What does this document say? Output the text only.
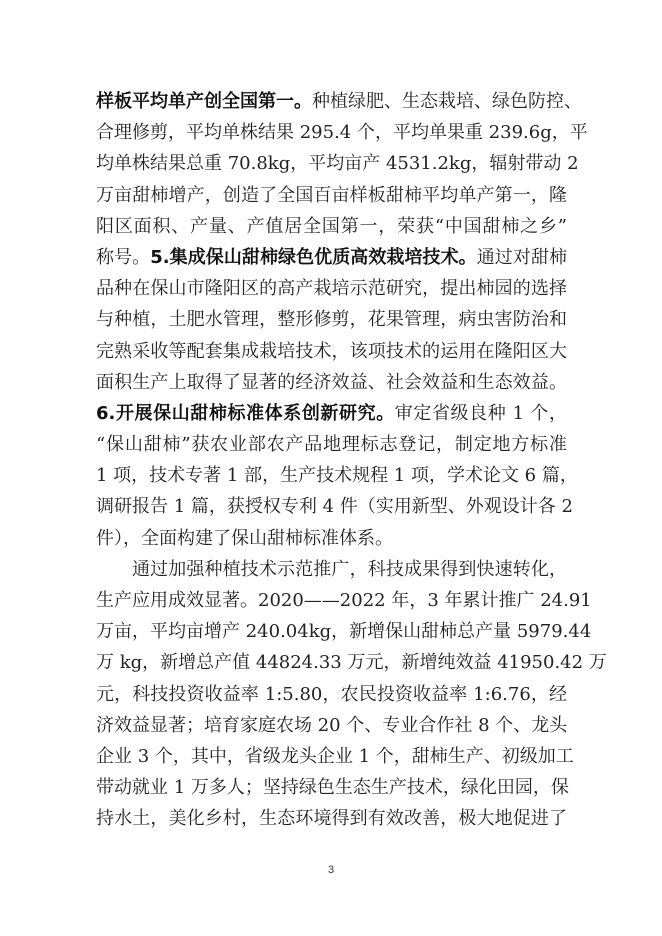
样板平均单产创全国第一。种植绿肥、生态栽培、绿色防控、
合理修剪，平均单株结果 295.4 个，平均单果重 239.6g，平
均单株结果总重 70.8kg，平均亩产 4531.2kg，辐射带动 2
万亩甜柿增产，创造了全国百亩样板甜柿平均单产第一，隆
阳区面积、产量、产值居全国第一，荣获“中国甜柿之乡”
称号。5.集成保山甜柿绿色优质高效栽培技术。通过对甜柿
品种在保山市隆阳区的高产栽培示范研究，提出柿园的选择
与种植，土肥水管理，整形修剪，花果管理，病虫害防治和
完熟采收等配套集成栽培技术，该项技术的运用在隆阳区大
面积生产上取得了显著的经济效益、社会效益和生态效益。
6.开展保山甜柿标准体系创新研究。审定省级良种 1 个，
“保山甜柿”获农业部农产品地理标志登记，制定地方标准
1 项，技术专著 1 部，生产技术规程 1 项，学术论文 6 篇，
调研报告 1 篇，获授权专利 4 件（实用新型、外观设计各 2
件），全面构建了保山甜柿标准体系。
通过加强种植技术示范推广，科技成果得到快速转化，
生产应用成效显著。2020——2022 年，3 年累计推广 24.91
万亩，平均亩增产 240.04kg，新增保山甜柿总产量 5979.44
万 kg，新增总产值 44824.33 万元，新增纯效益 41950.42 万
元，科技投资收益率 1:5.80，农民投资收益率 1:6.76，经
济效益显著；培育家庭农场 20 个、专业合作社 8 个、龙头
企业 3 个，其中，省级龙头企业 1 个，甜柿生产、初级加工
带动就业 1 万多人；坚持绿色生态生产技术，绿化田园，保
持水土，美化乡村，生态环境得到有效改善，极大地促进了
3
